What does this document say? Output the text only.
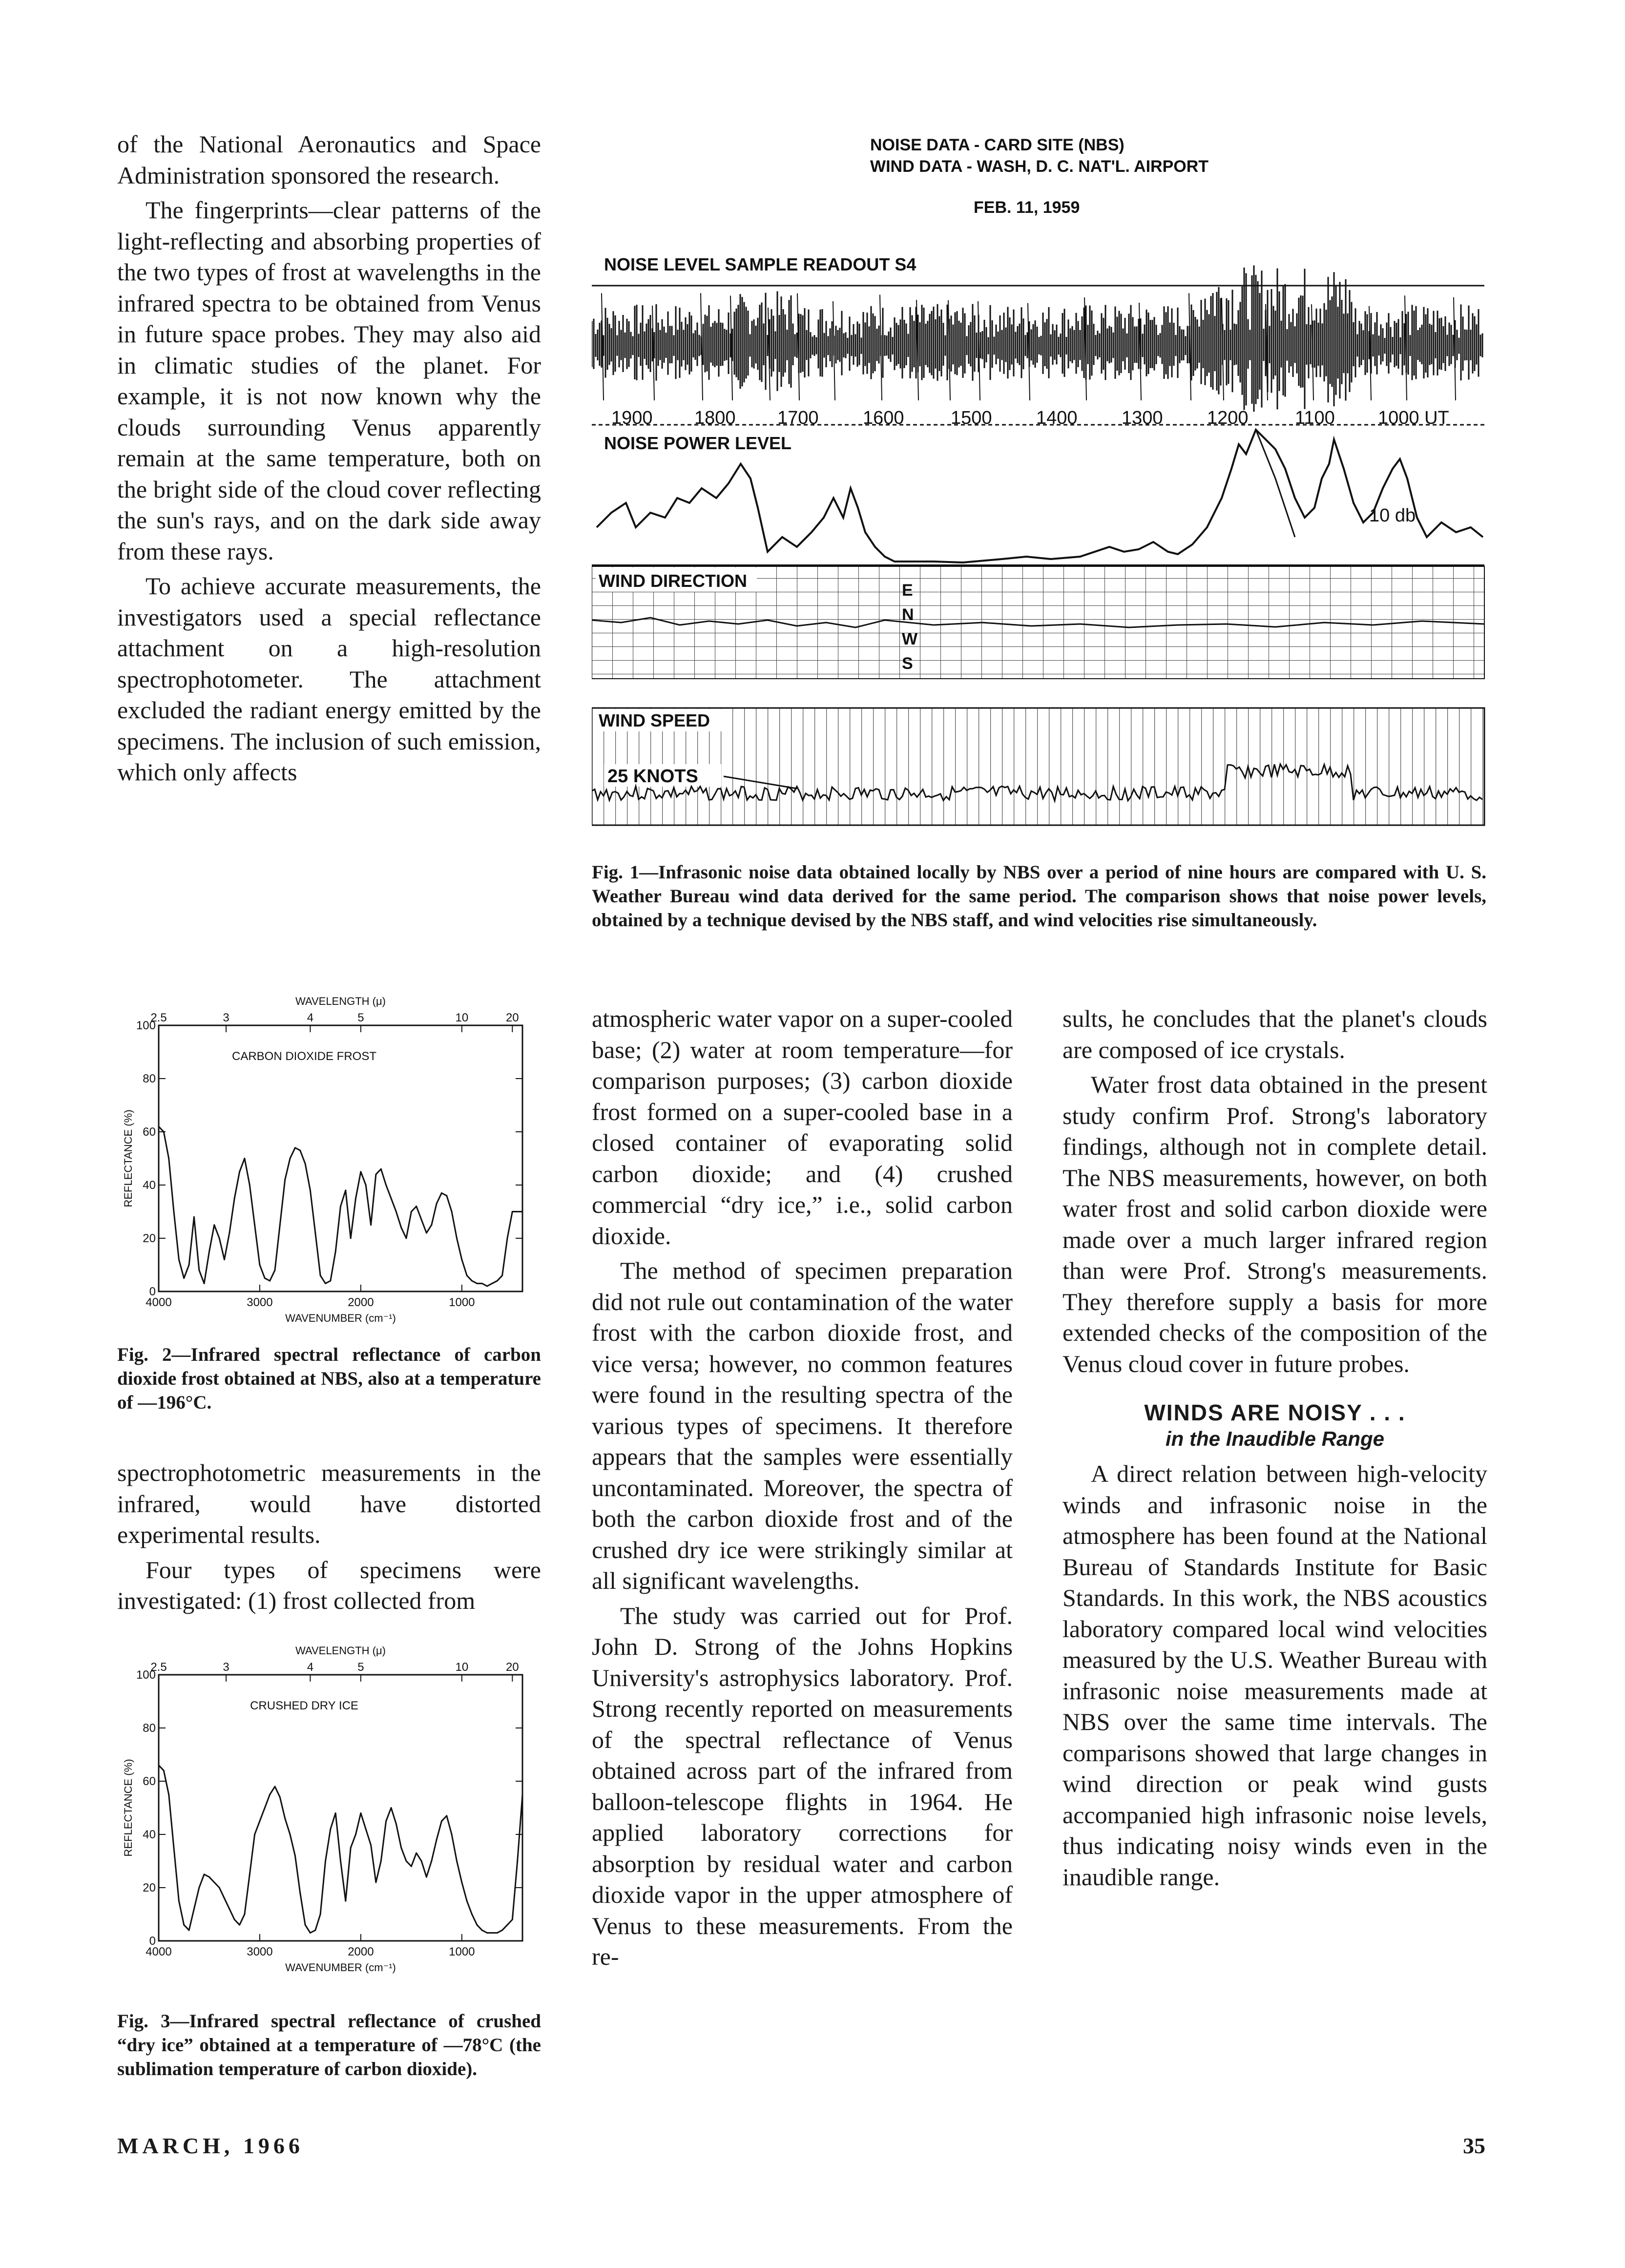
of the National Aeronautics and Space Administration sponsored the research.

The fingerprints—clear patterns of the light-reflecting and absorbing properties of the two types of frost at wavelengths in the infrared spectra to be obtained from Venus in future space probes. They may also aid in climatic studies of the planet. For example, it is not now known why the clouds surrounding Venus apparently remain at the same temperature, both on the bright side of the cloud cover reflecting the sun's rays, and on the dark side away from these rays.

To achieve accurate measurements, the investigators used a special reflectance attachment on a high-resolution spectrophotometer. The attachment excluded the radiant energy emitted by the specimens. The inclusion of such emission, which only affects

NOISE DATA - CARD SITE (NBS)
WIND DATA - WASH, D. C. NAT'L. AIRPORT
FEB. 11, 1959
NOISE LEVEL SAMPLE READOUT S4
1900 1800 1700 1600	1500 1400 1300 1200	1100 1000 UT
NOISE POWER LEVEL
10 db
WIND DIRECTION	E
N
W
S
WIND SPEED
25 KNOTS
Fig. 1—Infrasonic noise data obtained locally by NBS over a period of nine hours are compared with U. S. Weather Bureau wind data derived for the same period. The comparison shows that noise power levels, obtained by a technique devised by the NBS staff, and wind velocities rise simultaneously.
WAVELENGTH (μ)
2.5	3	4	5	10	20
0
20
40
60
80
100
REFLECTANCE (%)
4000	3000	2000	1000
WAVENUMBER (cm⁻¹)
CARBON DIOXIDE FROST
Fig. 2—Infrared spectral reflectance of carbon dioxide frost obtained at NBS, also at a temperature of —196°C.

spectrophotometric measurements in the infrared, would have distorted experimental results.

Four types of specimens were investigated: (1) frost collected from

WAVELENGTH (μ)
2.5	3	4	5	10	20
0
20
40
60
80
100
REFLECTANCE (%)
4000	3000	2000	1000
WAVENUMBER (cm⁻¹)
CRUSHED DRY ICE
Fig. 3—Infrared spectral reflectance of crushed “dry ice” obtained at a temperature of —78°C (the sublimation temperature of carbon dioxide).

atmospheric water vapor on a super-cooled base; (2) water at room temperature—for comparison purposes; (3) carbon dioxide frost formed on a super-cooled base in a closed container of evaporating solid carbon dioxide; and (4) crushed commercial “dry ice,” i.e., solid carbon dioxide.

The method of specimen preparation did not rule out contamination of the water frost with the carbon dioxide frost, and vice versa; however, no common features were found in the resulting spectra of the various types of specimens. It therefore appears that the samples were essentially uncontaminated. Moreover, the spectra of both the carbon dioxide frost and of the crushed dry ice were strikingly similar at all significant wavelengths.

The study was carried out for Prof. John D. Strong of the Johns Hopkins University's astrophysics laboratory. Prof. Strong recently reported on measurements of the spectral reflectance of Venus obtained across part of the infrared from balloon-telescope flights in 1964. He applied laboratory corrections for absorption by residual water and carbon dioxide vapor in the upper atmosphere of Venus to these measurements. From the re-

sults, he concludes that the planet's clouds are composed of ice crystals.

Water frost data obtained in the present study confirm Prof. Strong's laboratory findings, although not in complete detail. The NBS measurements, however, on both water frost and solid carbon dioxide were made over a much larger infrared region than were Prof. Strong's measurements. They therefore supply a basis for more extended checks of the composition of the Venus cloud cover in future probes.

WINDS ARE NOISY . . .

in the Inaudible Range

A direct relation between high-velocity winds and infrasonic noise in the atmosphere has been found at the National Bureau of Standards Institute for Basic Standards. In this work, the NBS acoustics laboratory compared local wind velocities measured by the U.S. Weather Bureau with infrasonic noise measurements made at NBS over the same time intervals. The comparisons showed that large changes in wind direction or peak wind gusts accompanied high infrasonic noise levels, thus indicating noisy winds even in the inaudible range.

MARCH, 1966	35
